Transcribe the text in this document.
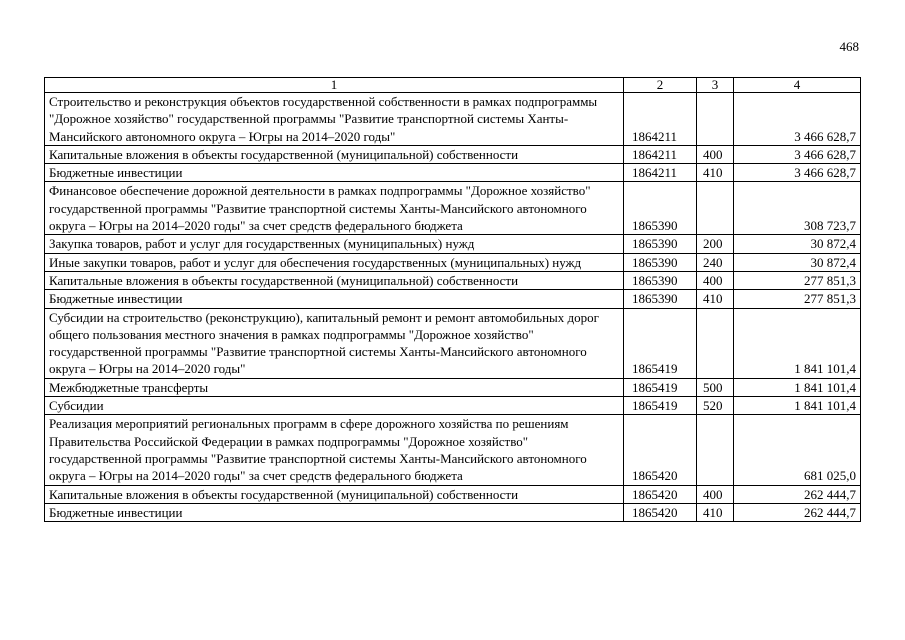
468
1	2	3	4
Строительство и реконструкция объектов государственной собственности в рамках подпрограммы "Дорожное хозяйство" государственной программы "Развитие транспортной системы Ханты-Мансийского автономного округа – Югры на 2014–2020 годы"	1864211		3 466 628,7
Капитальные вложения в объекты государственной (муниципальной) собственности	1864211	400	3 466 628,7
Бюджетные инвестиции	1864211	410	3 466 628,7
Финансовое обеспечение дорожной деятельности в рамках подпрограммы "Дорожное хозяйство" государственной программы "Развитие транспортной системы Ханты-Мансийского автономного округа – Югры на 2014–2020 годы" за счет средств федерального бюджета	1865390		308 723,7
Закупка товаров, работ и услуг для государственных (муниципальных) нужд	1865390	200	30 872,4
Иные закупки товаров, работ и услуг для обеспечения государственных (муниципальных) нужд	1865390	240	30 872,4
Капитальные вложения в объекты государственной (муниципальной) собственности	1865390	400	277 851,3
Бюджетные инвестиции	1865390	410	277 851,3
Субсидии на строительство (реконструкцию), капитальный ремонт и ремонт автомобильных дорог общего пользования местного значения в рамках подпрограммы "Дорожное хозяйство" государственной программы "Развитие транспортной системы Ханты-Мансийского автономного округа – Югры на 2014–2020 годы"	1865419		1 841 101,4
Межбюджетные трансферты	1865419	500	1 841 101,4
Субсидии	1865419	520	1 841 101,4
Реализация мероприятий региональных программ в сфере дорожного хозяйства по решениям Правительства Российской Федерации в рамках подпрограммы "Дорожное хозяйство" государственной программы "Развитие транспортной системы Ханты-Мансийского автономного округа – Югры на 2014–2020 годы" за счет средств федерального бюджета	1865420		681 025,0
Капитальные вложения в объекты государственной (муниципальной) собственности	1865420	400	262 444,7
Бюджетные инвестиции	1865420	410	262 444,7
